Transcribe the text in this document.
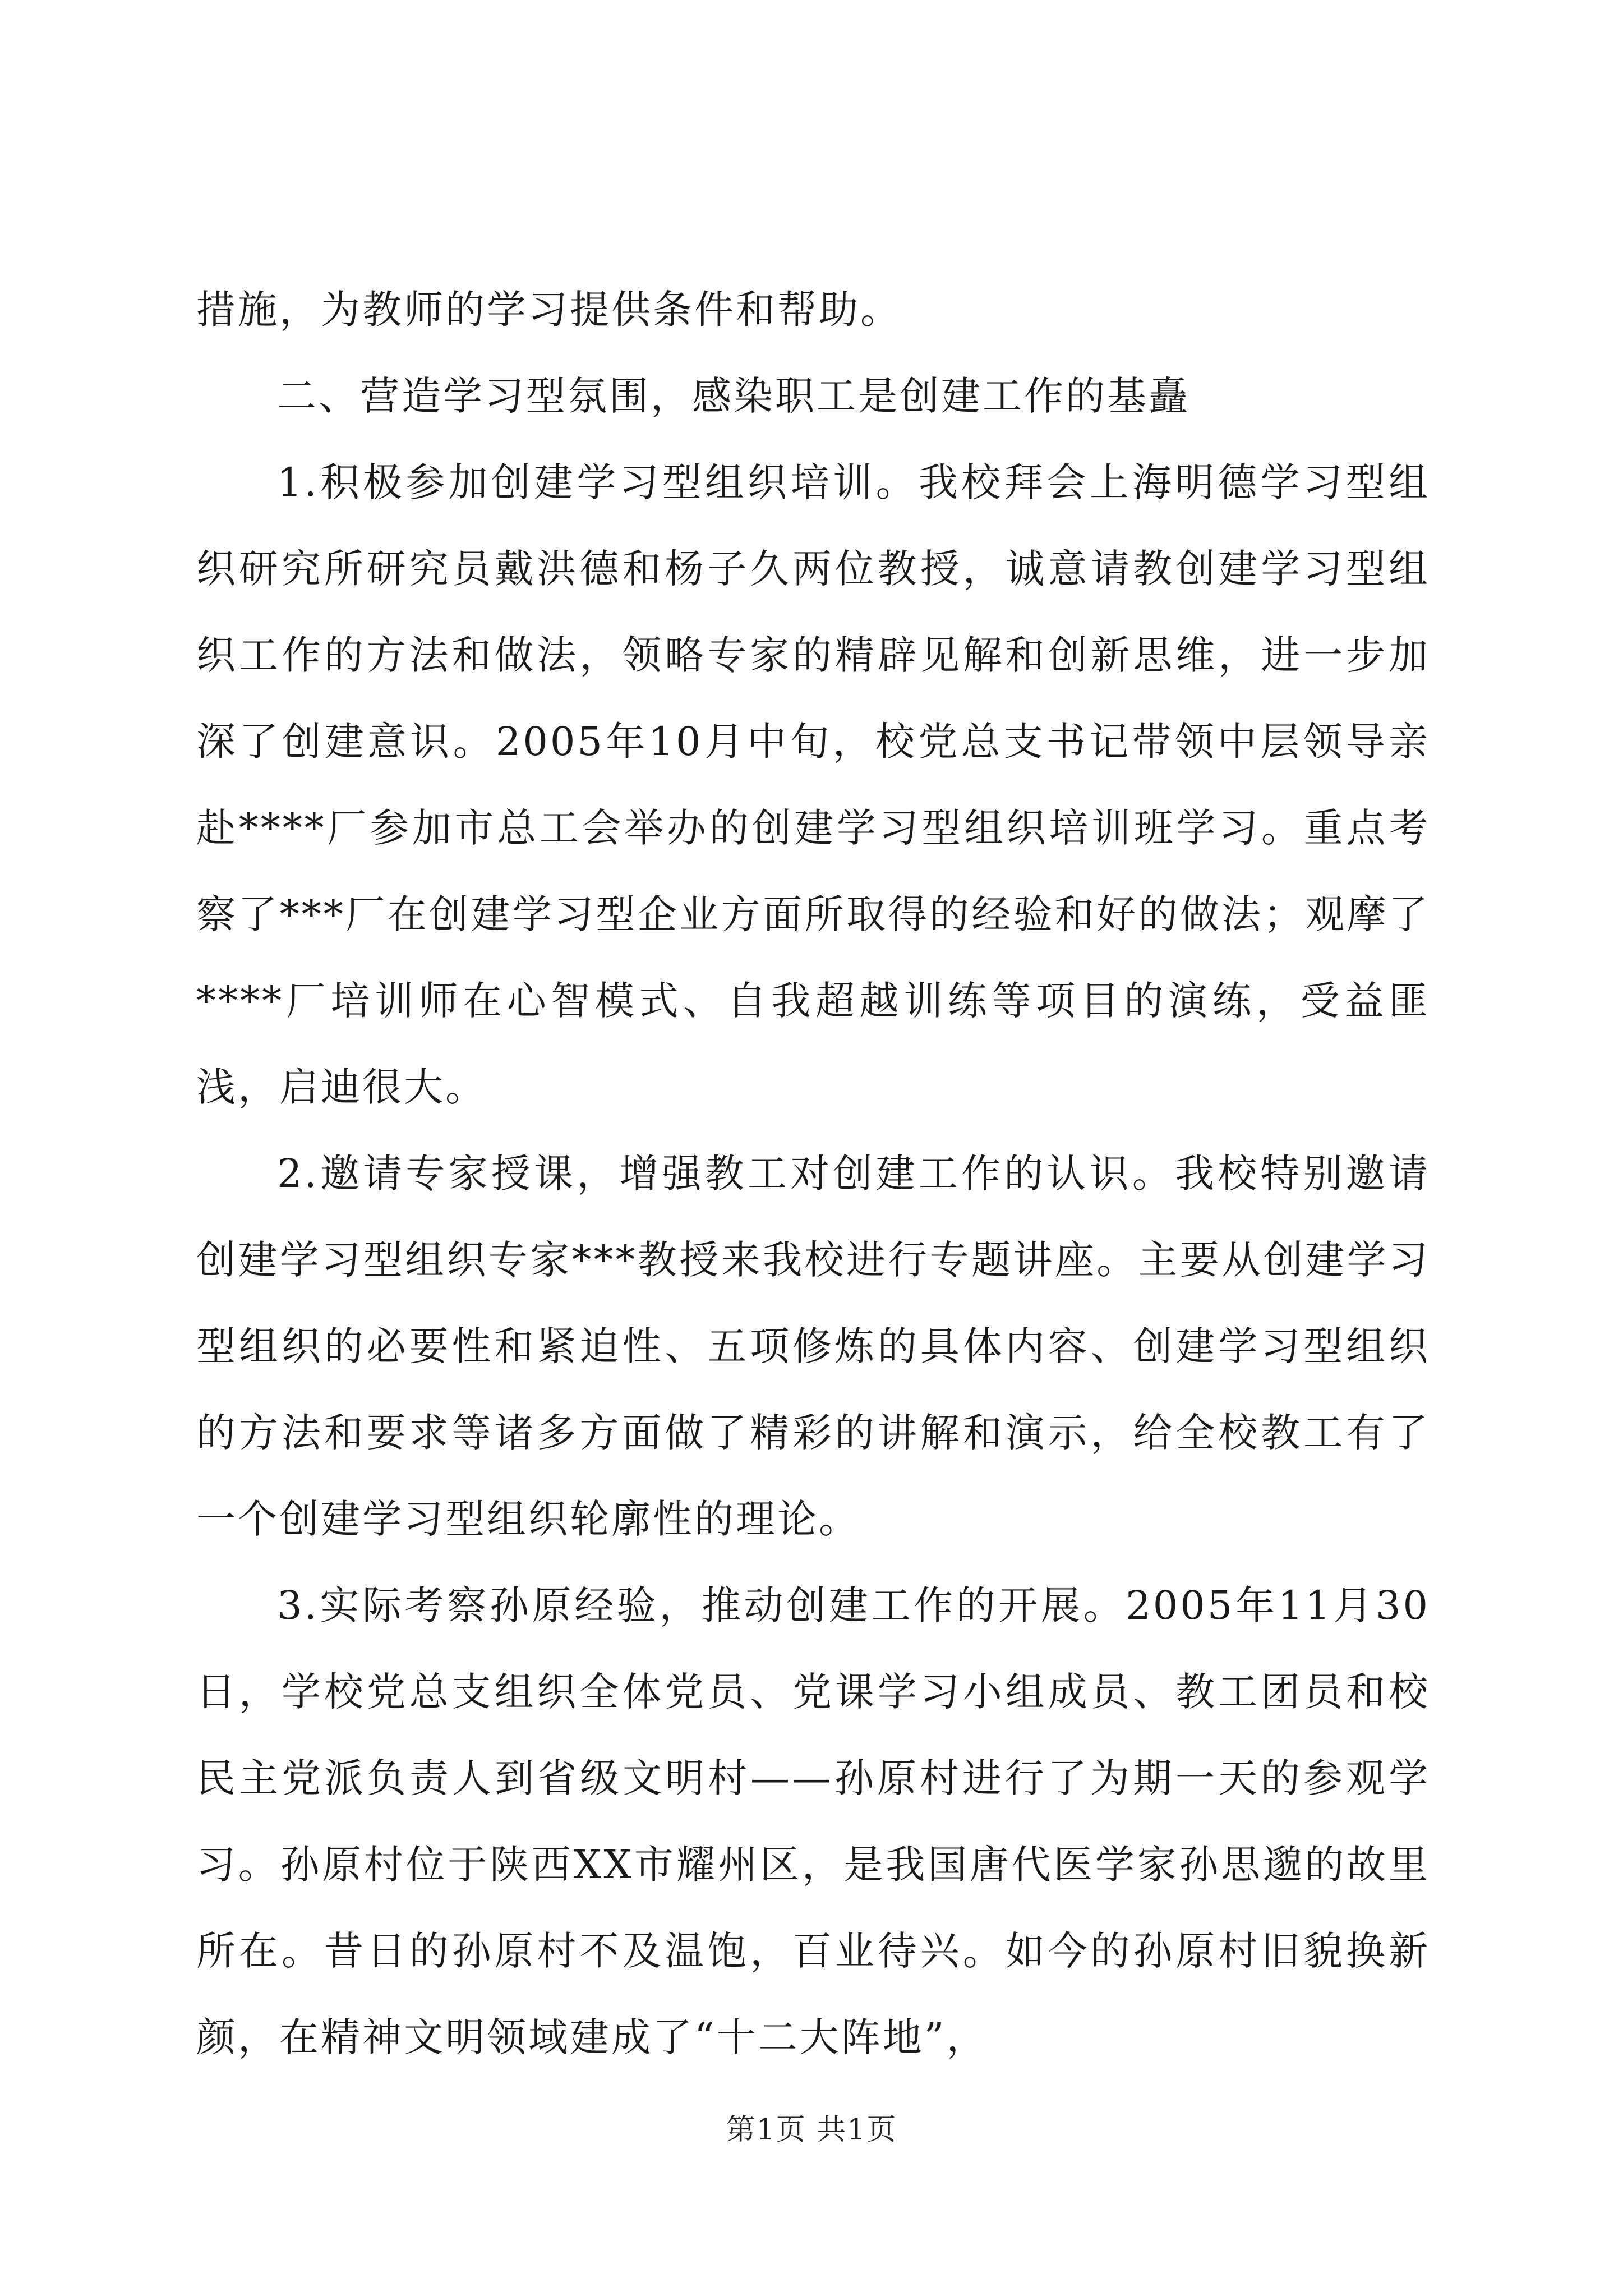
措施，为教师的学习提供条件和帮助。

二、营造学习型氛围，感染职工是创建工作的基矗

1.积极参加创建学习型组织培训。我校拜会上海明德学习型组织研究所研究员戴洪德和杨子久两位教授，诚意请教创建学习型组织工作的方法和做法，领略专家的精辟见解和创新思维，进一步加深了创建意识。2005年10月中旬，校党总支书记带领中层领导亲赴****厂参加市总工会举办的创建学习型组织培训班学习。重点考察了***厂在创建学习型企业方面所取得的经验和好的做法；观摩了****厂培训师在心智模式、自我超越训练等项目的演练，受益匪浅，启迪很大。

2.邀请专家授课，增强教工对创建工作的认识。我校特别邀请创建学习型组织专家***教授来我校进行专题讲座。主要从创建学习型组织的必要性和紧迫性、五项修炼的具体内容、创建学习型组织的方法和要求等诸多方面做了精彩的讲解和演示，给全校教工有了一个创建学习型组织轮廓性的理论。

3.实际考察孙原经验，推动创建工作的开展。2005年11月30日，学校党总支组织全体党员、党课学习小组成员、教工团员和校民主党派负责人到省级文明村——孙原村进行了为期一天的参观学习。孙原村位于陕西XX市耀州区，是我国唐代医学家孙思邈的故里所在。昔日的孙原村不及温饱，百业待兴。如今的孙原村旧貌换新颜，在精神文明领域建成了“十二大阵地”，

第1页 共1页
